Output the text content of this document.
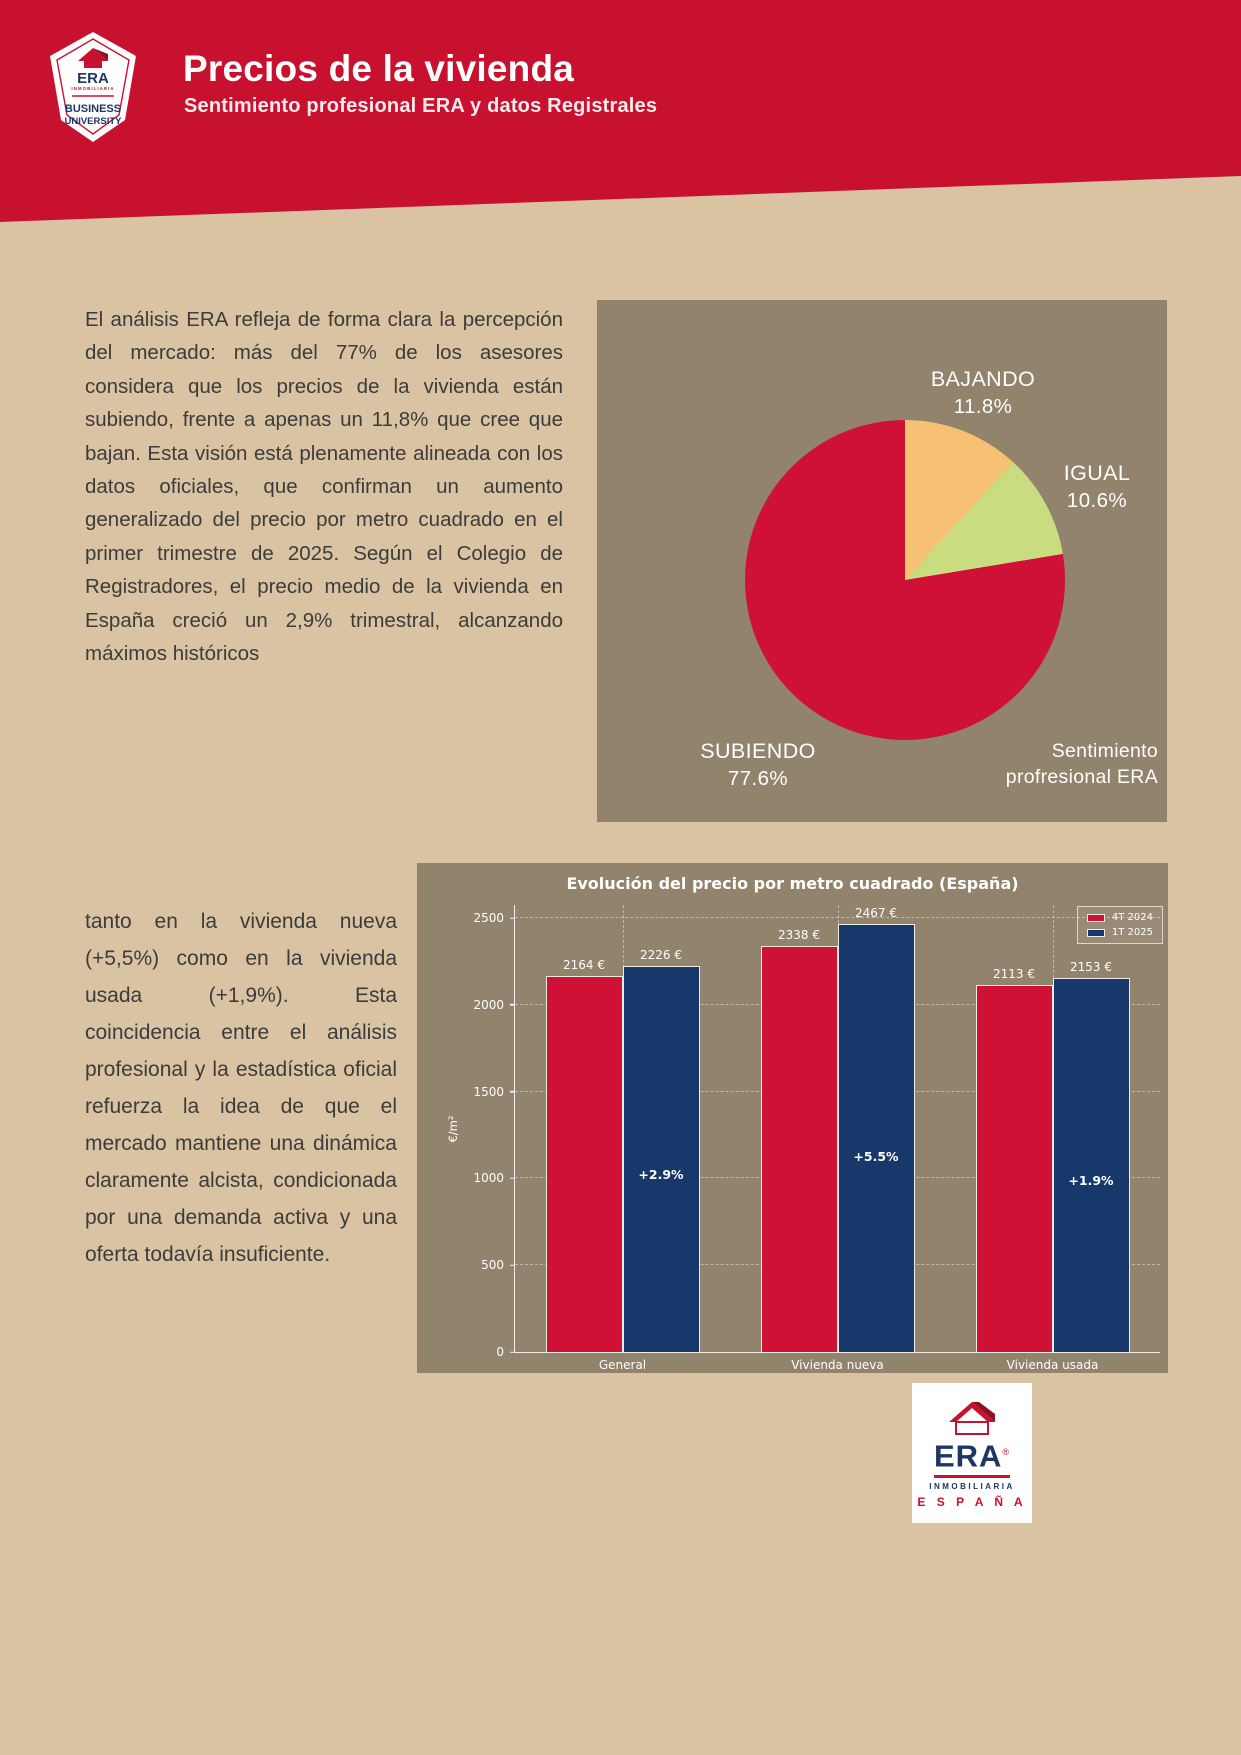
ERA
INMOBILIARIA
BUSINESS
UNIVERSITY
Precios de la vivienda
Sentimiento profesional ERA y datos Registrales
El análisis ERA refleja de forma clara la percepción del mercado: más del 77% de los asesores considera que los precios de la vivienda están subiendo, frente a apenas un 11,8% que cree que bajan. Esta visión está plenamente alineada con los datos oficiales, que confirman un aumento generalizado del precio por metro cuadrado en el primer trimestre de 2025. Según el Colegio de Registradores, el precio medio de la vivienda en España creció un 2,9% trimestral, alcanzando máximos históricos
tanto en la vivienda nueva (+5,5%) como en la vivienda usada (+1,9%). Esta coincidencia entre el análisis profesional y la estadística oficial refuerza la idea de que el mercado mantiene una dinámica claramente alcista, condicionada por una demanda activa y una oferta todavía insuficiente.
BAJANDO
11.8%
IGUAL
10.6%
SUBIENDO
77.6%
Sentimiento
profresional ERA
Evolución del precio por metro cuadrado (España)
€/m²
0
500
1000
1500
2000
2500
General
2164 €
2226 €
+2.9%
Vivienda nueva
2338 €
2467 €
+5.5%
Vivienda usada
2113 €	2153 €
+1.9%
4T 2024
1T 2025
ERA®
INMOBILIARIA
E S P A Ñ A
